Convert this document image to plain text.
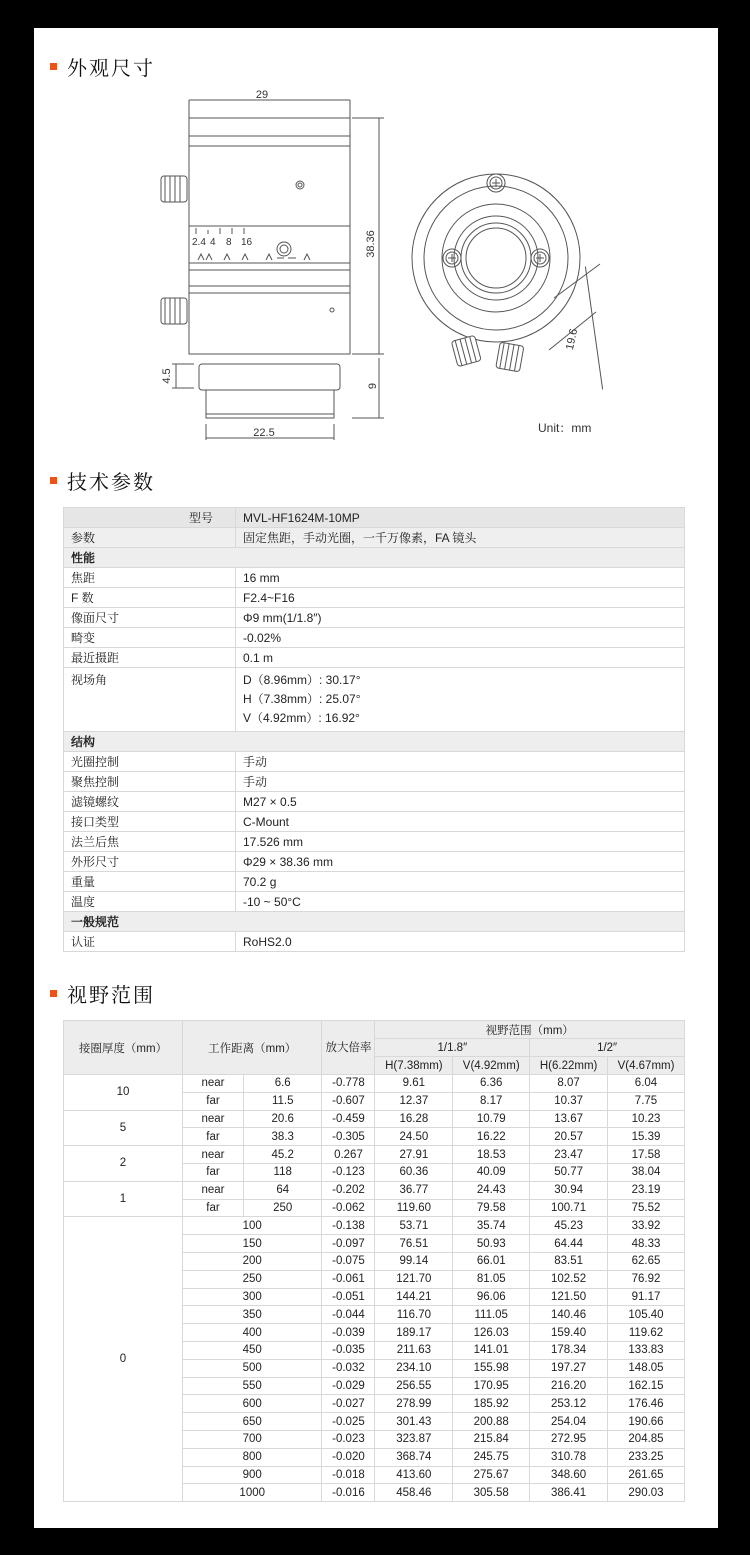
外观尺寸
29
38.36
4.5
9
22.5
19.6
2.4 4 8 16
Unit：mm
技术参数
型号	MVL-HF1624M-10MP
参数	固定焦距，手动光圈，一千万像素，FA 镜头
性能	
焦距	16 mm
F 数	F2.4~F16
像面尺寸	Φ9 mm(1/1.8″)
畸变	-0.02%
最近摄距	0.1 m
视场角	D（8.96mm）: 30.17°
H（7.38mm）: 25.07°
V（4.92mm）: 16.92°

结构	
光圈控制	手动
聚焦控制	手动
滤镜螺纹	M27 × 0.5
接口类型	C-Mount
法兰后焦	17.526 mm
外形尺寸	Φ29 × 38.36 mm
重量	70.2 g
温度	-10 ~ 50°C
一般规范	
认证	RoHS2.0
视野范围
接圈厚度（mm）	工作距离（mm）		放大倍率	视野范围（mm）			
				1/1.8″		1/2″	
				H(7.38mm)	V(4.92mm)	H(6.22mm)	V(4.67mm)
10	near	6.6	-0.778	9.61	6.36	8.07	6.04
	far	11.5	-0.607	12.37	8.17	10.37	7.75
5	near	20.6	-0.459	16.28	10.79	13.67	10.23
	far	38.3	-0.305	24.50	16.22	20.57	15.39
2	near	45.2	0.267	27.91	18.53	23.47	17.58
	far	118	-0.123	60.36	40.09	50.77	38.04
1	near	64	-0.202	36.77	24.43	30.94	23.19
	far	250	-0.062	119.60	79.58	100.71	75.52
0	100		-0.138	53.71	35.74	45.23	33.92
	150		-0.097	76.51	50.93	64.44	48.33
	200		-0.075	99.14	66.01	83.51	62.65
	250		-0.061	121.70	81.05	102.52	76.92
	300		-0.051	144.21	96.06	121.50	91.17
	350		-0.044	116.70	111.05	140.46	105.40
	400		-0.039	189.17	126.03	159.40	119.62
	450		-0.035	211.63	141.01	178.34	133.83
	500		-0.032	234.10	155.98	197.27	148.05
	550		-0.029	256.55	170.95	216.20	162.15
	600		-0.027	278.99	185.92	253.12	176.46
	650		-0.025	301.43	200.88	254.04	190.66
	700		-0.023	323.87	215.84	272.95	204.85
	800		-0.020	368.74	245.75	310.78	233.25
	900		-0.018	413.60	275.67	348.60	261.65
	1000		-0.016	458.46	305.58	386.41	290.03
